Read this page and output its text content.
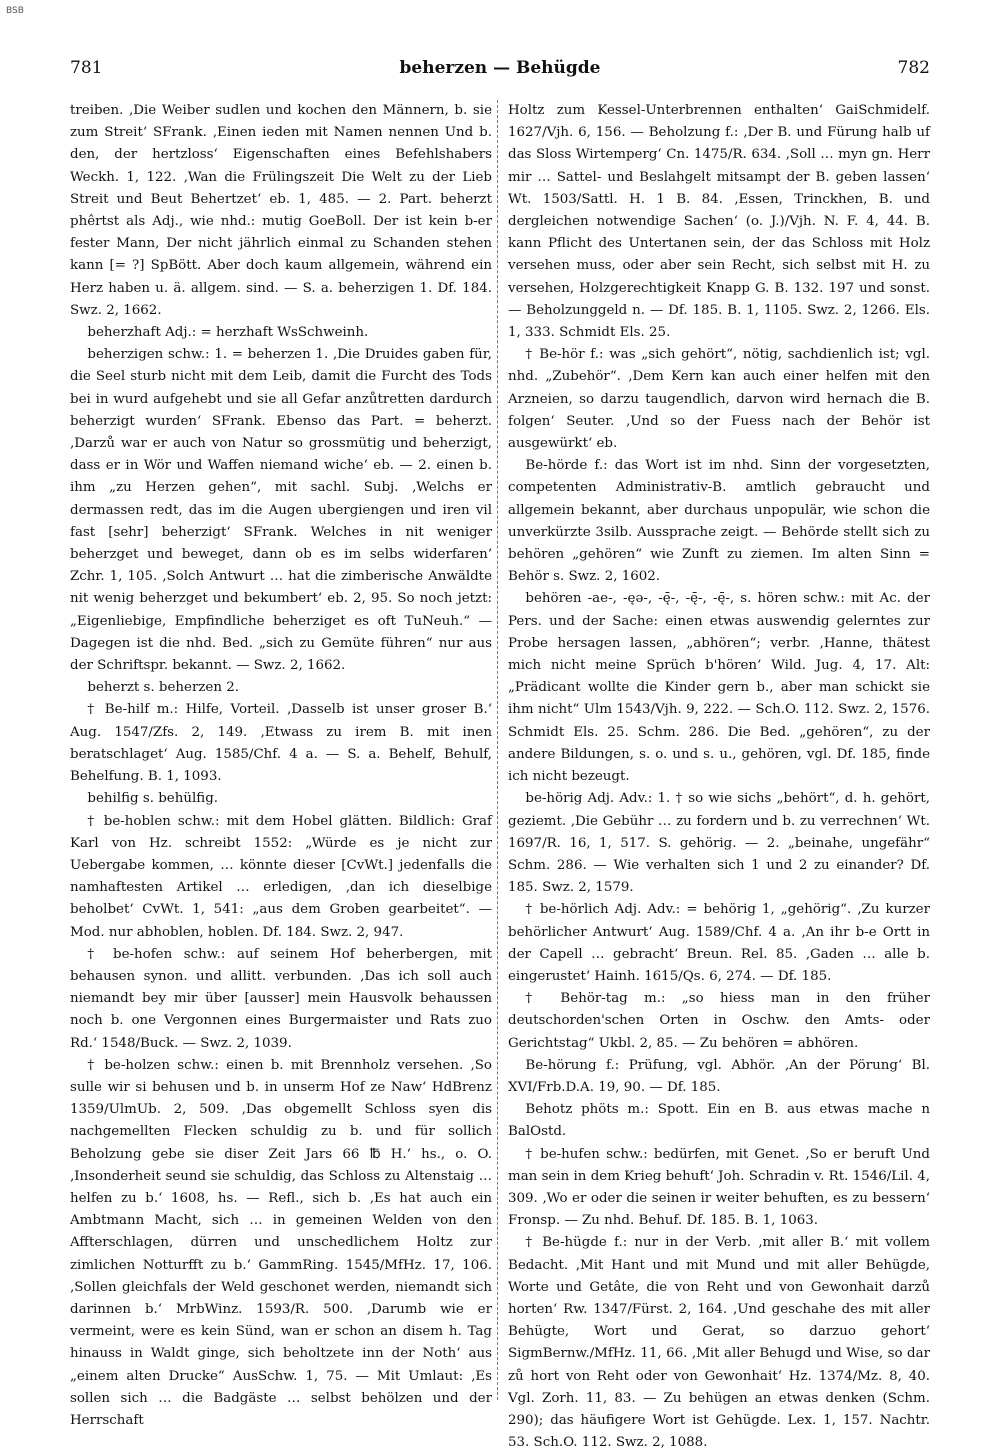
BSB
781	beherzen — Behügde	782

treiben. ‚Die Weiber sudlen und kochen den Männern, b. sie zum Streit‘ SFrank. ‚Einen ieden mit Namen nennen Und b. den, der hertzloss‘ Eigenschaften eines Befehlshabers Weckh. 1, 122. ‚Wan die Frülingszeit Die Welt zu der Lieb Streit und Beut Behertzet‘ eb. 1, 485. — 2. Part. beherzt phêrtst als Adj., wie nhd.: mutig GoeBoll. Der ist kein b-er fester Mann, Der nicht jährlich einmal zu Schanden stehen kann [= ?] SpBött. Aber doch kaum allgemein, während ein Herz haben u. ä. allgem. sind. — S. a. beherzigen 1. Df. 184. Swz. 2, 1662.

beherzhaft Adj.: = herzhaft WsSchweinh.

beherzigen schw.: 1. = beherzen 1. ‚Die Druides gaben für, die Seel sturb nicht mit dem Leib, damit die Furcht des Tods bei in wurd aufgehebt und sie all Gefar anzůtretten dardurch beherzigt wurden‘ SFrank. Ebenso das Part. = beherzt. ‚Darzů war er auch von Natur so grossmütig und beherzigt, dass er in Wör und Waffen niemand wiche‘ eb. — 2. einen b. ihm „zu Herzen gehen“, mit sachl. Subj. ‚Welchs er dermassen redt, das im die Augen ubergiengen und iren vil fast [sehr] beherzigt‘ SFrank. Welches in nit weniger beherzget und beweget, dann ob es im selbs widerfaren‘ Zchr. 1, 105. ‚Solch Antwurt … hat die zimberische Anwäldte nit wenig beherzget und bekumbert‘ eb. 2, 95. So noch jetzt: „Eigenliebige, Empfindliche beherziget es oft TuNeuh.“ — Dagegen ist die nhd. Bed. „sich zu Gemüte führen“ nur aus der Schriftspr. bekannt. — Swz. 2, 1662.

beherzt s. beherzen 2.

† Be-hilf m.: Hilfe, Vorteil. ‚Dasselb ist unser groser B.‘ Aug. 1547/Zfs. 2, 149. ‚Etwass zu irem B. mit inen beratschlaget‘ Aug. 1585/Chf. 4 a. — S. a. Behelf, Behulf, Behelfung. B. 1, 1093.

behilfig s. behülfig.

† be-hoblen schw.: mit dem Hobel glätten. Bildlich: Graf Karl von Hz. schreibt 1552: „Würde es je nicht zur Uebergabe kommen, … könnte dieser [CvWt.] jedenfalls die namhaftesten Artikel … erledigen, ‚dan ich dieselbige beholbet‘ CvWt. 1, 541: „aus dem Groben gearbeitet“. — Mod. nur abhoblen, hoblen. Df. 184. Swz. 2, 947.

† be-hofen schw.: auf seinem Hof beherbergen, mit behausen synon. und allitt. verbunden. ‚Das ich soll auch niemandt bey mir über [ausser] mein Hausvolk behaussen noch b. one Vergonnen eines Burgermaister und Rats zuo Rd.‘ 1548/Buck. — Swz. 2, 1039.

† be-holzen schw.: einen b. mit Brennholz versehen. ‚So sulle wir si behusen und b. in unserm Hof ze Naw‘ HdBrenz 1359/UlmUb. 2, 509. ‚Das obgemellt Schloss syen dis nachgemellten Flecken schuldig zu b. und für sollich Beholzung gebe sie diser Zeit Jars 66 ℔ H.‘ hs., o. O. ‚Insonderheit seund sie schuldig, das Schloss zu Altenstaig … helfen zu b.‘ 1608, hs. — Refl., sich b. ‚Es hat auch ein Ambtmann Macht, sich … in gemeinen Welden von den Affterschlagen, dürren und unschedlichem Holtz zur zimlichen Notturfft zu b.‘ GammRing. 1545/MfHz. 17, 106. ‚Sollen gleichfals der Weld geschonet werden, niemandt sich darinnen b.‘ MrbWinz. 1593/R. 500. ‚Darumb wie er vermeint, were es kein Sünd, wan er schon an disem h. Tag hinauss in Waldt ginge, sich beholtzete inn der Noth‘ aus „einem alten Drucke“ AusSchw. 1, 75. — Mit Umlaut: ‚Es sollen sich … die Badgäste … selbst behölzen und der Herrschaft

Holtz zum Kessel-Unterbrennen enthalten‘ GaiSchmidelf. 1627/Vjh. 6, 156. — Beholzung f.: ‚Der B. und Fürung halb uf das Sloss Wirtemperg‘ Cn. 1475/R. 634. ‚Soll … myn gn. Herr mir … Sattel- und Beslahgelt mitsampt der B. geben lassen‘ Wt. 1503/Sattl. H. 1 B. 84. ‚Essen, Trinckhen, B. und dergleichen notwendige Sachen‘ (o. J.)/Vjh. N. F. 4, 44. B. kann Pflicht des Untertanen sein, der das Schloss mit Holz versehen muss, oder aber sein Recht, sich selbst mit H. zu versehen, Holzgerechtigkeit Knapp G. B. 132. 197 und sonst. — Beholzunggeld n. — Df. 185. B. 1, 1105. Swz. 2, 1266. Els. 1, 333. Schmidt Els. 25.

† Be-hör f.: was „sich gehört“, nötig, sachdienlich ist; vgl. nhd. „Zubehör“. ‚Dem Kern kan auch einer helfen mit den Arzneien, so darzu taugendlich, darvon wird hernach die B. folgen‘ Seuter. ‚Und so der Fuess nach der Behör ist ausgewürkt‘ eb.

Be-hörde f.: das Wort ist im nhd. Sinn der vorgesetzten, competenten Administrativ-B. amtlich gebraucht und allgemein bekannt, aber durchaus unpopulär, wie schon die unverkürzte 3silb. Aussprache zeigt. — Behörde stellt sich zu behören „gehören“ wie Zunft zu ziemen. Im alten Sinn = Behör s. Swz. 2, 1602.

behören -ae-, -ęə-, -ę̄-, -ę̄-, -ę̄-, s. hören schw.: mit Ac. der Pers. und der Sache: einen etwas auswendig gelerntes zur Probe hersagen lassen, „abhören“; verbr. ‚Hanne, thätest mich nicht meine Sprüch b'hören‘ Wild. Jug. 4, 17. Alt: „Prädicant wollte die Kinder gern b., aber man schickt sie ihm nicht“ Ulm 1543/Vjh. 9, 222. — Sch.O. 112. Swz. 2, 1576. Schmidt Els. 25. Schm. 286. Die Bed. „gehören“, zu der andere Bildungen, s. o. und s. u., gehören, vgl. Df. 185, finde ich nicht bezeugt.

be-hörig Adj. Adv.: 1. † so wie sichs „behört“, d. h. gehört, geziemt. ‚Die Gebühr … zu fordern und b. zu verrechnen‘ Wt. 1697/R. 16, 1, 517. S. gehörig. — 2. „beinahe, ungefähr“ Schm. 286. — Wie verhalten sich 1 und 2 zu einander? Df. 185. Swz. 2, 1579.

† be-hörlich Adj. Adv.: = behörig 1, „gehörig“. ‚Zu kurzer behörlicher Antwurt‘ Aug. 1589/Chf. 4 a. ‚An ihr b-e Ortt in der Capell … gebracht‘ Breun. Rel. 85. ‚Gaden … alle b. eingerustet‘ Hainh. 1615/Qs. 6, 274. — Df. 185.

† Behör-tag m.: „so hiess man in den früher deutschorden'schen Orten in Oschw. den Amts- oder Gerichtstag“ Ukbl. 2, 85. — Zu behören = abhören.

Be-hörung f.: Prüfung, vgl. Abhör. ‚An der Pörung‘ Bl. XVI/Frb.D.A. 19, 90. — Df. 185.

Behotz phöts m.: Spott. Ein en B. aus etwas mache n BalOstd.

† be-hufen schw.: bedürfen, mit Genet. ‚So er beruft Und man sein in dem Krieg behuft‘ Joh. Schradin v. Rt. 1546/Lil. 4, 309. ‚Wo er oder die seinen ir weiter behuften, es zu bessern‘ Fronsp. — Zu nhd. Behuf. Df. 185. B. 1, 1063.

† Be-hügde f.: nur in der Verb. ‚mit aller B.‘ mit vollem Bedacht. ‚Mit Hant und mit Mund und mit aller Behügde, Worte und Getâte, die von Reht und von Gewonhait darzů horten‘ Rw. 1347/Fürst. 2, 164. ‚Und geschahe des mit aller Behügte, Wort und Gerat, so darzuo gehort‘ SigmBernw./MfHz. 11, 66. ‚Mit aller Behugd und Wise, so dar zů hort von Reht oder von Gewonhait‘ Hz. 1374/Mz. 8, 40. Vgl. Zorh. 11, 83. — Zu behügen an etwas denken (Schm. 290); das häufigere Wort ist Gehügde. Lex. 1, 157. Nachtr. 53. Sch.O. 112. Swz. 2, 1088.
